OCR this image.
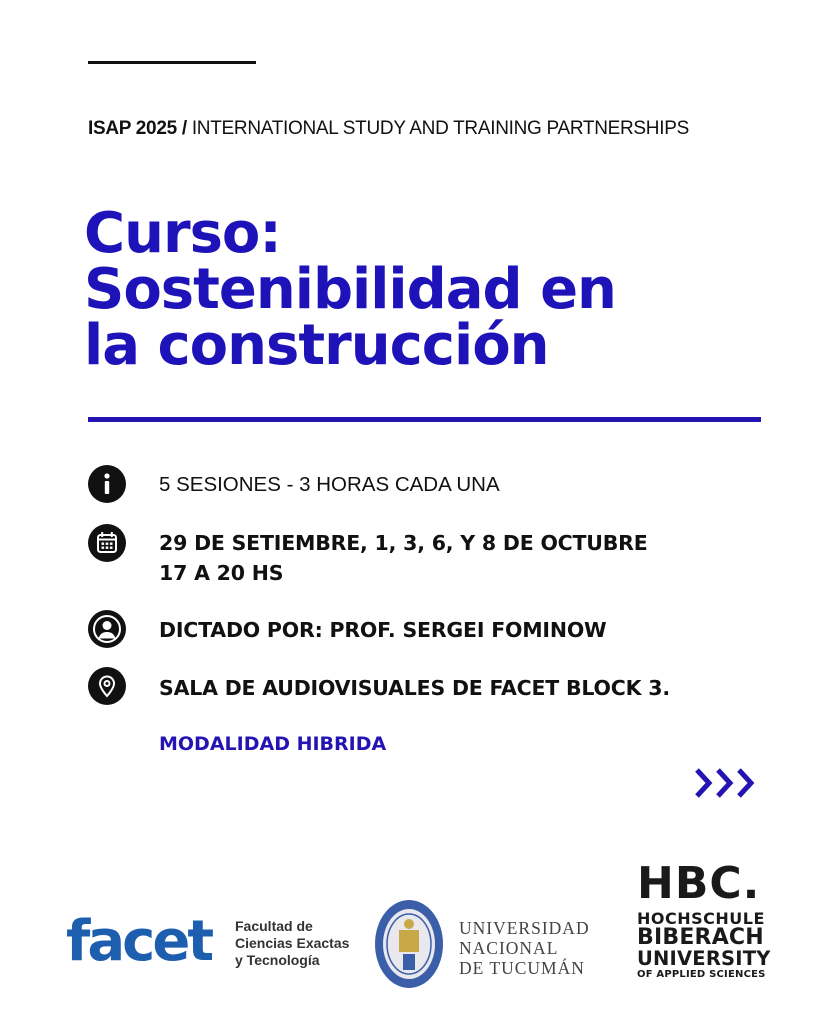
ISAP 2025 / INTERNATIONAL STUDY AND TRAINING PARTNERSHIPS
Curso:
Sostenibilidad en
la construcción
5 SESIONES - 3 HORAS CADA UNA
29 DE SETIEMBRE, 1, 3, 6, Y 8 DE OCTUBRE
17 A 20 HS
DICTADO POR: PROF. SERGEI FOMINOW
SALA DE AUDIOVISUALES DE FACET BLOCK 3.
MODALIDAD HIBRIDA
facet Facultad de
Ciencias Exactas
y Tecnología
UNIVERSIDAD
NACIONAL
DE TUCUMÁN
HBC.
HOCHSCHULE
BIBERACH
UNIVERSITY
OF APPLIED SCIENCES
